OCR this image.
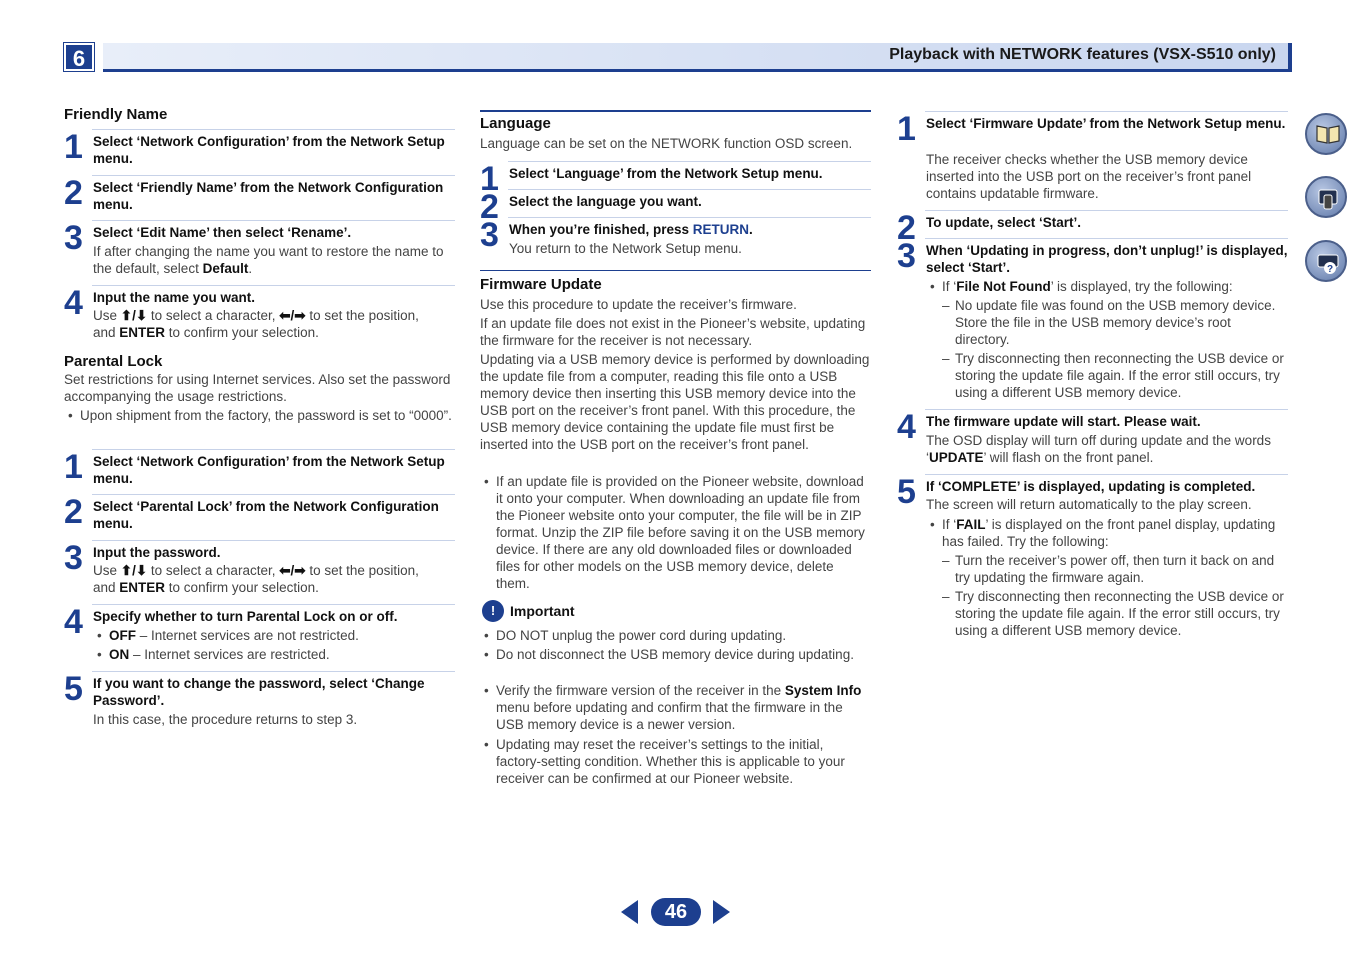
6	Playback with NETWORK features (VSX-S510 only)
Friendly Name
1 Select ‘Network Configuration’ from the Network Setup menu.
2 Select ‘Friendly Name’ from the Network Configuration menu.
3 Select ‘Edit Name’ then select ‘Rename’.
If after changing the name you want to restore the name to the default, select Default.
4 Input the name you want.
Use ⬆/⬇ to select a character, ⬅/➡ to set the position,
and ENTER to confirm your selection.
Parental Lock
Set restrictions for using Internet services. Also set the password accompanying the usage restrictions.
• Upon shipment from the factory, the password is set to “0000”.
1 Select ‘Network Configuration’ from the Network Setup menu.
2 Select ‘Parental Lock’ from the Network Configuration menu.
3 Input the password.
Use ⬆/⬇ to select a character, ⬅/➡ to set the position,
and ENTER to confirm your selection.
4 Specify whether to turn Parental Lock on or off.
• OFF – Internet services are not restricted.
• ON – Internet services are restricted.
5 If you want to change the password, select ‘Change Password’.
In this case, the procedure returns to step 3.
Language
Language can be set on the NETWORK function OSD screen.
1 Select ‘Language’ from the Network Setup menu.
2 Select the language you want.
3 When you’re finished, press RETURN.
You return to the Network Setup menu.
Firmware Update
Use this procedure to update the receiver’s firmware.
If an update file does not exist in the Pioneer’s website, updating the firmware for the receiver is not necessary.
Updating via a USB memory device is performed by downloading the update file from a computer, reading this file onto a USB memory device then inserting this USB memory device into the USB port on the receiver’s front panel. With this procedure, the USB memory device containing the update file must first be inserted into the USB port on the receiver’s front panel.
• If an update file is provided on the Pioneer website, download it onto your computer. When downloading an update file from the Pioneer website onto your computer, the file will be in ZIP format. Unzip the ZIP file before saving it on the USB memory device. If there are any old downloaded files or downloaded files for other models on the USB memory device, delete them.
!	Important
• DO NOT unplug the power cord during updating.
• Do not disconnect the USB memory device during updating.
• Verify the firmware version of the receiver in the System Info menu before updating and confirm that the firmware in the USB memory device is a newer version.
• Updating may reset the receiver’s settings to the initial, factory-setting condition. Whether this is applicable to your receiver can be confirmed at our Pioneer website.
1 Select ‘Firmware Update’ from the Network Setup menu.
The receiver checks whether the USB memory device inserted into the USB port on the receiver’s front panel contains updatable firmware.
2 To update, select ‘Start’.
3 When ‘Updating in progress, don’t unplug!’ is displayed, select ‘Start’.
• If ‘File Not Found’ is displayed, try the following:
– No update file was found on the USB memory device. Store the file in the USB memory device’s root directory.
– Try disconnecting then reconnecting the USB device or storing the update file again. If the error still occurs, try using a different USB memory device.
4 The firmware update will start. Please wait.
The OSD display will turn off during update and the words ‘UPDATE’ will flash on the front panel.
5 If ‘COMPLETE’ is displayed, updating is completed.
The screen will return automatically to the play screen.
• If ‘FAIL’ is displayed on the front panel display, updating has failed. Try the following:
– Turn the receiver’s power off, then turn it back on and try updating the firmware again.
– Try disconnecting then reconnecting the USB device or storing the update file again. If the error still occurs, try using a different USB memory device.
?
46
